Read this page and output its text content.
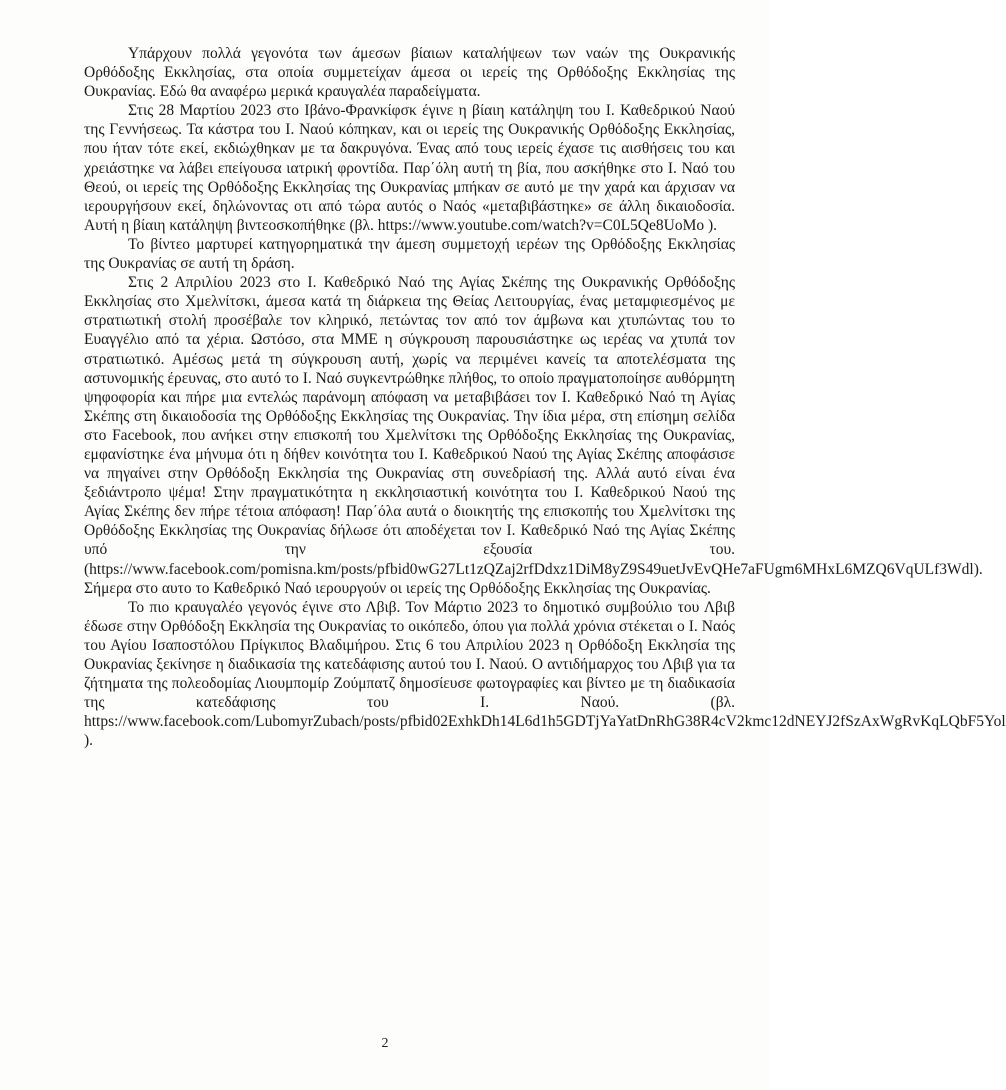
Υπάρχουν πολλά γεγονότα των άμεσων βίαιων καταλήψεων των ναών της Ουκρανικής Ορθόδοξης Εκκλησίας, στα οποία συμμετείχαν άμεσα οι ιερείς της Ορθόδοξης Εκκλησίας της Ουκρανίας. Εδώ θα αναφέρω μερικά κραυγαλέα παραδείγματα.

Στις 28 Μαρτίου 2023 στο Ιβάνο-Φρανκίφσκ έγινε η βίαιη κατάληψη του Ι. Καθεδρικού Ναού της Γεννήσεως. Τα κάστρα του Ι. Ναού κόπηκαν, και οι ιερείς της Ουκρανικής Ορθόδοξης Εκκλησίας, που ήταν τότε εκεί, εκδιώχθηκαν με τα δακρυγόνα. Ένας από τους ιερείς έχασε τις αισθήσεις του και χρειάστηκε να λάβει επείγουσα ιατρική φροντίδα. Παρ΄όλη αυτή τη βία, που ασκήθηκε στο Ι. Ναό του Θεού, οι ιερείς της Ορθόδοξης Εκκλησίας της Ουκρανίας μπήκαν σε αυτό με την χαρά και άρχισαν να ιερουργήσουν εκεί, δηλώνοντας οτι από τώρα αυτός ο Ναός «μεταβιβάστηκε» σε άλλη δικαιοδοσία. Αυτή η βίαιη κατάληψη βιντεοσκοπήθηκε (βλ. https://www.youtube.com/watch?v=C0L5Qe8UoMo ).

Το βίντεο μαρτυρεί κατηγορηματικά την άμεση συμμετοχή ιερέων της Ορθόδοξης Εκκλησίας της Ουκρανίας σε αυτή τη δράση.

Στις 2 Απριλίου 2023 στο Ι. Καθεδρικό Ναό της Αγίας Σκέπης της Ουκρανικής Ορθόδοξης Εκκλησίας στο Χμελνίτσκι, άμεσα κατά τη διάρκεια της Θείας Λειτουργίας, ένας μεταμφιεσμένος με στρατιωτική στολή προσέβαλε τον κληρικό, πετώντας τον από τον άμβωνα και χτυπώντας του το Ευαγγέλιο από τα χέρια. Ωστόσο, στα ΜΜΕ η σύγκρουση παρουσιάστηκε ως ιερέας να χτυπά τον στρατιωτικό. Αμέσως μετά τη σύγκρουση αυτή, χωρίς να περιμένει κανείς τα αποτελέσματα της αστυνομικής έρευνας, στο αυτό το Ι. Ναό συγκεντρώθηκε πλήθος, το οποίο πραγματοποίησε αυθόρμητη ψηφοφορία και πήρε μια εντελώς παράνομη απόφαση να μεταβιβάσει τον Ι. Καθεδρικό Ναό τη Αγίας Σκέπης στη δικαιοδοσία της Ορθόδοξης Εκκλησίας της Ουκρανίας. Την ίδια μέρα, στη επίσημη σελίδα στο Facebook, που ανήκει στην επισκοπή του Χμελνίτσκι της Ορθόδοξης Εκκλησίας της Ουκρανίας, εμφανίστηκε ένα μήνυμα ότι η δήθεν κοινότητα του Ι. Καθεδρικού Ναού της Αγίας Σκέπης αποφάσισε να πηγαίνει στην Ορθόδοξη Εκκλησία της Ουκρανίας στη συνεδρίασή της. Αλλά αυτό είναι ένα ξεδιάντροπο ψέμα! Στην πραγματικότητα η εκκλησιαστική κοινότητα του Ι. Καθεδρικού Ναού της Αγίας Σκέπης δεν πήρε τέτοια απόφαση! Παρ΄όλα αυτά ο διοικητής της επισκοπής του Χμελνίτσκι της Ορθόδοξης Εκκλησίας της Ουκρανίας δήλωσε ότι αποδέχεται τον Ι. Καθεδρικό Ναό της Αγίας Σκέπης υπό την εξουσία του. (https://www.facebook.com/pomisna.km/posts/pfbid0wG27Lt1zQZaj2rfDdxz1DiM8yZ9S49uetJvEvQHe7aFUgm6MHxL6MZQ6VqULf3Wdl). Σήμερα στο αυτο το Καθεδρικό Ναό ιερουργούν οι ιερείς της Ορθόδοξης Εκκλησίας της Ουκρανίας.

Το πιο κραυγαλέο γεγονός έγινε στο Λβιβ. Τον Μάρτιο 2023 το δημοτικό συμβούλιο του Λβιβ έδωσε στην Ορθόδοξη Εκκλησία της Ουκρανίας το οικόπεδο, όπου για πολλά χρόνια στέκεται ο Ι. Ναός του Αγίου Ισαποστόλου Πρίγκιπος Βλαδιμήρου. Στις 6 του Απριλίου 2023 η Ορθόδοξη Εκκλησία της Ουκρανίας ξεκίνησε η διαδικασία της κατεδάφισης αυτού του Ι. Ναού. Ο αντιδήμαρχος του Λβιβ για τα ζήτηματα της πολεοδομίας Λιουμπομίρ Ζούμπατζ δημοσίευσε φωτογραφίες και βίντεο με τη διαδικασία της κατεδάφισης του Ι. Ναού. (βλ. https://www.facebook.com/LubomyrZubach/posts/pfbid02ExhkDh14L6d1h5GDTjYaYatDnRhG38R4cV2kmc12dNEYJ2fSzAxWgRvKqLQbF5Yol ).

2
